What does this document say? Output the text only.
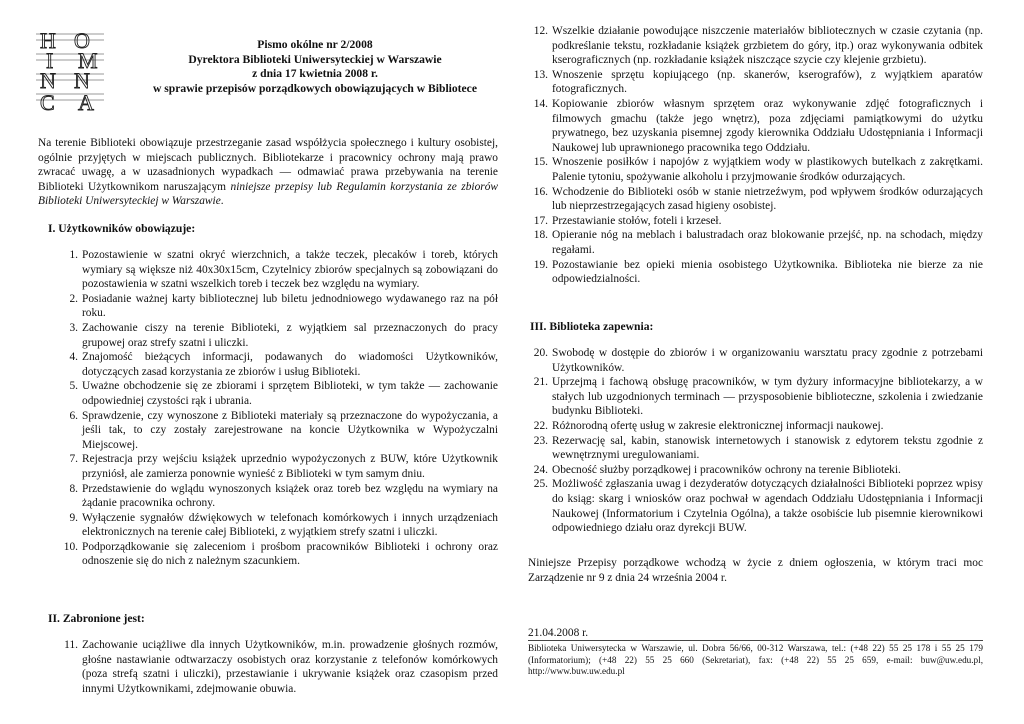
H O
I M
N N
C A
Pismo okólne nr 2/2008
Dyrektora Biblioteki Uniwersyteckiej w Warszawie
z dnia 17 kwietnia 2008 r.
w sprawie przepisów porządkowych obowiązujących w Bibliotece
Na terenie Biblioteki obowiązuje przestrzeganie zasad współżycia społecznego i kultury osobistej, ogólnie przyjętych w miejscach publicznych. Bibliotekarze i pracownicy ochrony mają prawo zwracać uwagę, a w uzasadnionych wypadkach — odmawiać prawa przebywania na terenie Biblioteki Użytkownikom naruszającym niniejsze przepisy lub Regulamin korzystania ze zbiorów Biblioteki Uniwersyteckiej w Warszawie.
I. Użytkowników obowiązuje:
1. Pozostawienie w szatni okryć wierzchnich, a także teczek, plecaków i toreb, których wymiary są większe niż 40x30x15cm, Czytelnicy zbiorów specjalnych są zobowiązani do pozostawienia w szatni wszelkich toreb i teczek bez względu na wymiary.
2. Posiadanie ważnej karty bibliotecznej lub biletu jednodniowego wydawanego raz na pół roku.
3. Zachowanie ciszy na terenie Biblioteki, z wyjątkiem sal przeznaczonych do pracy grupowej oraz strefy szatni i uliczki.
4. Znajomość bieżących informacji, podawanych do wiadomości Użytkowników, dotyczących zasad korzystania ze zbiorów i usług Biblioteki.
5. Uważne obchodzenie się ze zbiorami i sprzętem Biblioteki, w tym także — zachowanie odpowiedniej czystości rąk i ubrania.
6. Sprawdzenie, czy wynoszone z Biblioteki materiały są przeznaczone do wypożyczania, a jeśli tak, to czy zostały zarejestrowane na koncie Użytkownika w Wypożyczalni Miejscowej.
7. Rejestracja przy wejściu książek uprzednio wypożyczonych z BUW, które Użytkownik przyniósł, ale zamierza ponownie wynieść z Biblioteki w tym samym dniu.
8. Przedstawienie do wglądu wynoszonych książek oraz toreb bez względu na wymiary na żądanie pracownika ochrony.
9. Wyłączenie sygnałów dźwiękowych w telefonach komórkowych i innych urządzeniach elektronicznych na terenie całej Biblioteki, z wyjątkiem strefy szatni i uliczki.
10. Podporządkowanie się zaleceniom i prośbom pracowników Biblioteki i ochrony oraz odnoszenie się do nich z należnym szacunkiem.
II. Zabronione jest:
11. Zachowanie uciążliwe dla innych Użytkowników, m.in. prowadzenie głośnych rozmów, głośne nastawianie odtwarzaczy osobistych oraz korzystanie z telefonów komórkowych (poza strefą szatni i uliczki), przestawianie i ukrywanie książek oraz czasopism przed innymi Użytkownikami, zdejmowanie obuwia.
12. Wszelkie działanie powodujące niszczenie materiałów bibliotecznych w czasie czytania (np. podkreślanie tekstu, rozkładanie książek grzbietem do góry, itp.) oraz wykonywania odbitek kserograficznych (np. rozkładanie książek niszczące szycie czy klejenie grzbietu).
13. Wnoszenie sprzętu kopiującego (np. skanerów, kserografów), z wyjątkiem aparatów fotograficznych.
14. Kopiowanie zbiorów własnym sprzętem oraz wykonywanie zdjęć fotograficznych i filmowych gmachu (także jego wnętrz), poza zdjęciami pamiątkowymi do użytku prywatnego, bez uzyskania pisemnej zgody kierownika Oddziału Udostępniania i Informacji Naukowej lub uprawnionego pracownika tego Oddziału.
15. Wnoszenie posiłków i napojów z wyjątkiem wody w plastikowych butelkach z zakrętkami. Palenie tytoniu, spożywanie alkoholu i przyjmowanie środków odurzających.
16. Wchodzenie do Biblioteki osób w stanie nietrzeźwym, pod wpływem środków odurzających lub nieprzestrzegających zasad higieny osobistej.
17. Przestawianie stołów, foteli i krzeseł.
18. Opieranie nóg na meblach i balustradach oraz blokowanie przejść, np. na schodach, między regałami.
19. Pozostawianie bez opieki mienia osobistego Użytkownika. Biblioteka nie bierze za nie odpowiedzialności.
III. Biblioteka zapewnia:
20. Swobodę w dostępie do zbiorów i w organizowaniu warsztatu pracy zgodnie z potrzebami Użytkowników.
21. Uprzejmą i fachową obsługę pracowników, w tym dyżury informacyjne bibliotekarzy, a w stałych lub uzgodnionych terminach — przysposobienie biblioteczne, szkolenia i zwiedzanie budynku Biblioteki.
22. Różnorodną ofertę usług w zakresie elektronicznej informacji naukowej.
23. Rezerwację sal, kabin, stanowisk internetowych i stanowisk z edytorem tekstu zgodnie z wewnętrznymi uregulowaniami.
24. Obecność służby porządkowej i pracowników ochrony na terenie Biblioteki.
25. Możliwość zgłaszania uwag i dezyderatów dotyczących działalności Biblioteki poprzez wpisy do ksiąg: skarg i wniosków oraz pochwał w agendach Oddziału Udostępniania i Informacji Naukowej (Informatorium i Czytelnia Ogólna), a także osobiście lub pisemnie kierownikowi odpowiedniego działu oraz dyrekcji BUW.
Niniejsze Przepisy porządkowe wchodzą w życie z dniem ogłoszenia, w którym traci moc Zarządzenie nr 9 z dnia 24 września 2004 r.
21.04.2008 r.
Biblioteka Uniwersytecka w Warszawie, ul. Dobra 56/66, 00-312 Warszawa, tel.: (+48 22) 55 25 178 i 55 25 179 (Informatorium); (+48 22) 55 25 660 (Sekretariat), fax: (+48 22) 55 25 659, e-mail: buw@uw.edu.pl, http://www.buw.uw.edu.pl
